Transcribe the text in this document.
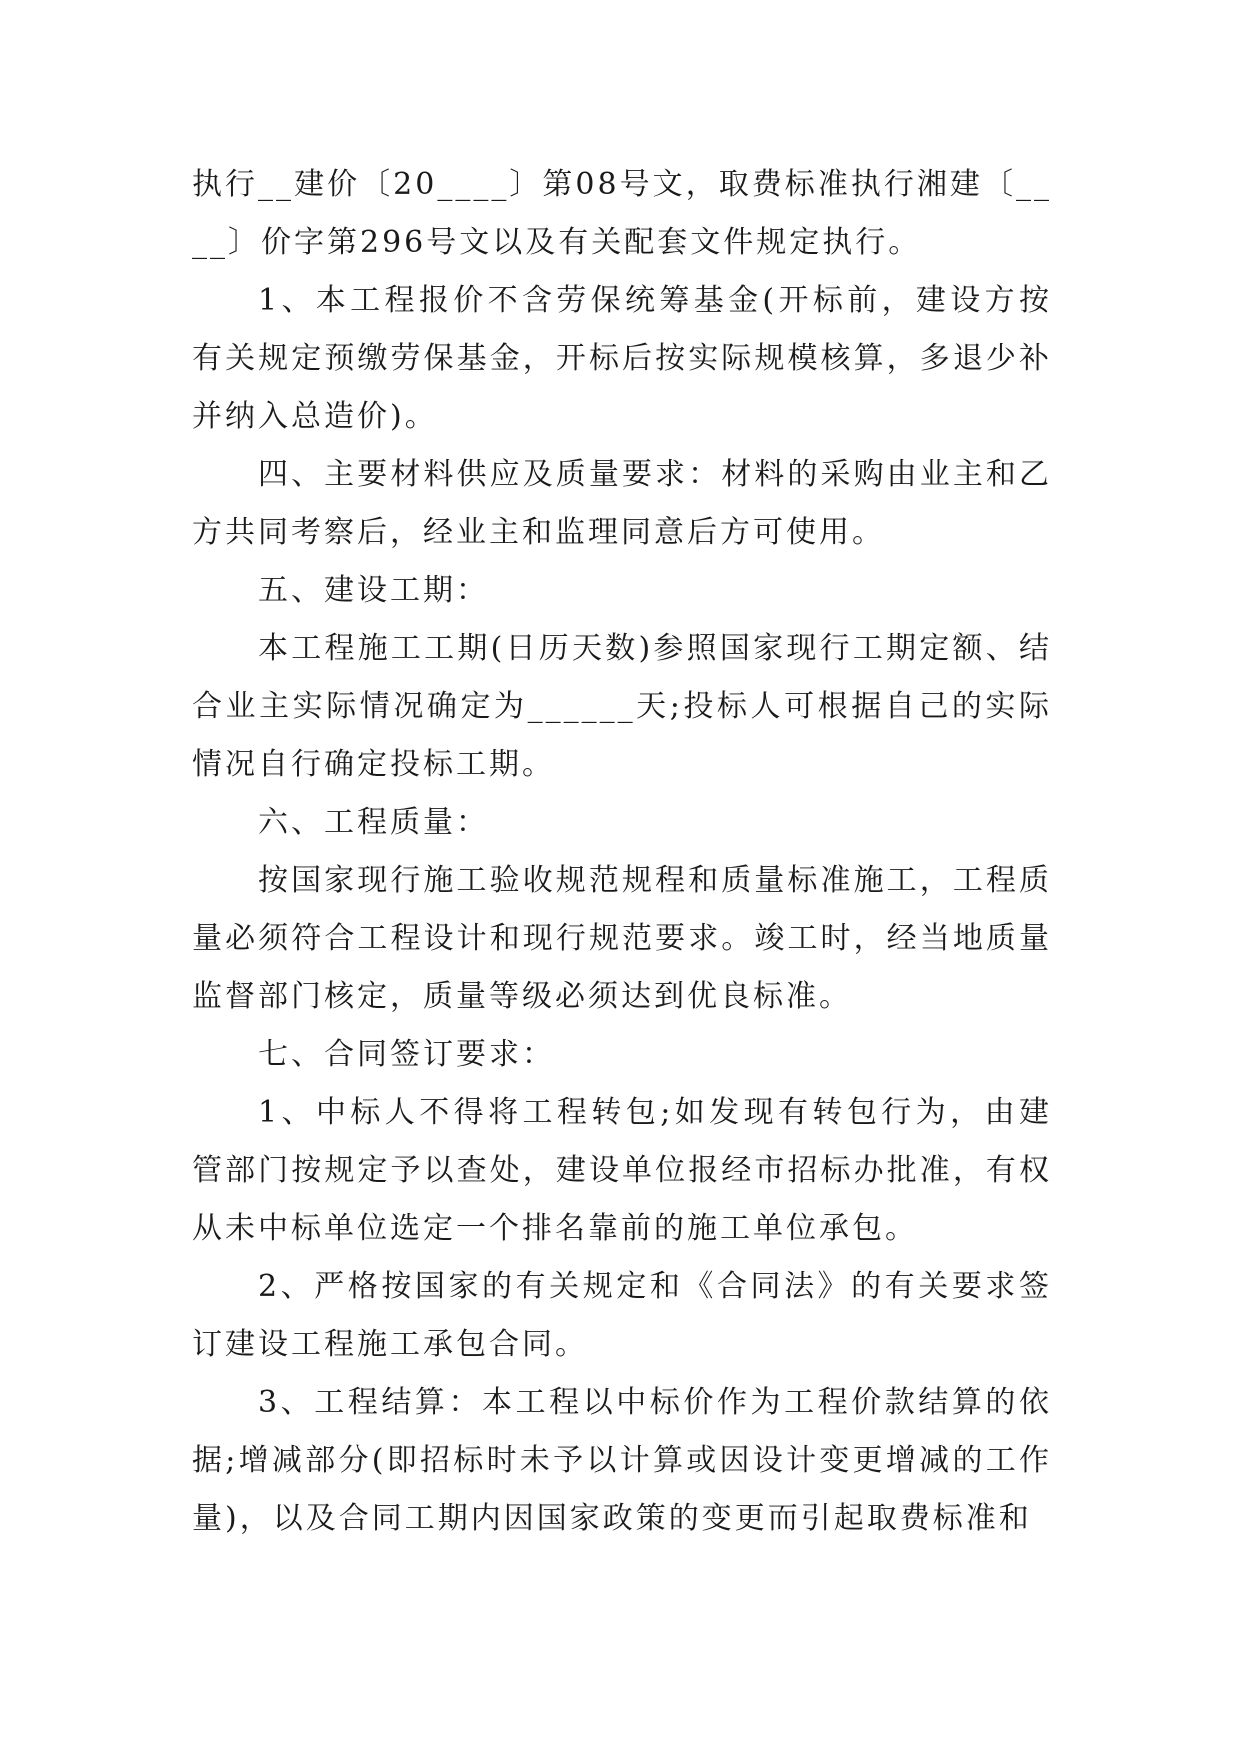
执行__建价〔20____〕第08号文，取费标准执行湘建〔____〕价字第296号文以及有关配套文件规定执行。

1、本工程报价不含劳保统筹基金(开标前，建设方按有关规定预缴劳保基金，开标后按实际规模核算，多退少补并纳入总造价)。

四、主要材料供应及质量要求：材料的采购由业主和乙方共同考察后，经业主和监理同意后方可使用。

五、建设工期：

本工程施工工期(日历天数)参照国家现行工期定额、结合业主实际情况确定为______天;投标人可根据自己的实际情况自行确定投标工期。

六、工程质量：

按国家现行施工验收规范规程和质量标准施工，工程质量必须符合工程设计和现行规范要求。竣工时，经当地质量监督部门核定，质量等级必须达到优良标准。

七、合同签订要求：

1、中标人不得将工程转包;如发现有转包行为，由建管部门按规定予以查处，建设单位报经市招标办批准，有权从未中标单位选定一个排名靠前的施工单位承包。

2、严格按国家的有关规定和《合同法》的有关要求签订建设工程施工承包合同。

3、工程结算：本工程以中标价作为工程价款结算的依据;增减部分(即招标时未予以计算或因设计变更增减的工作量)，以及合同工期内因国家政策的变更而引起取费标准和
